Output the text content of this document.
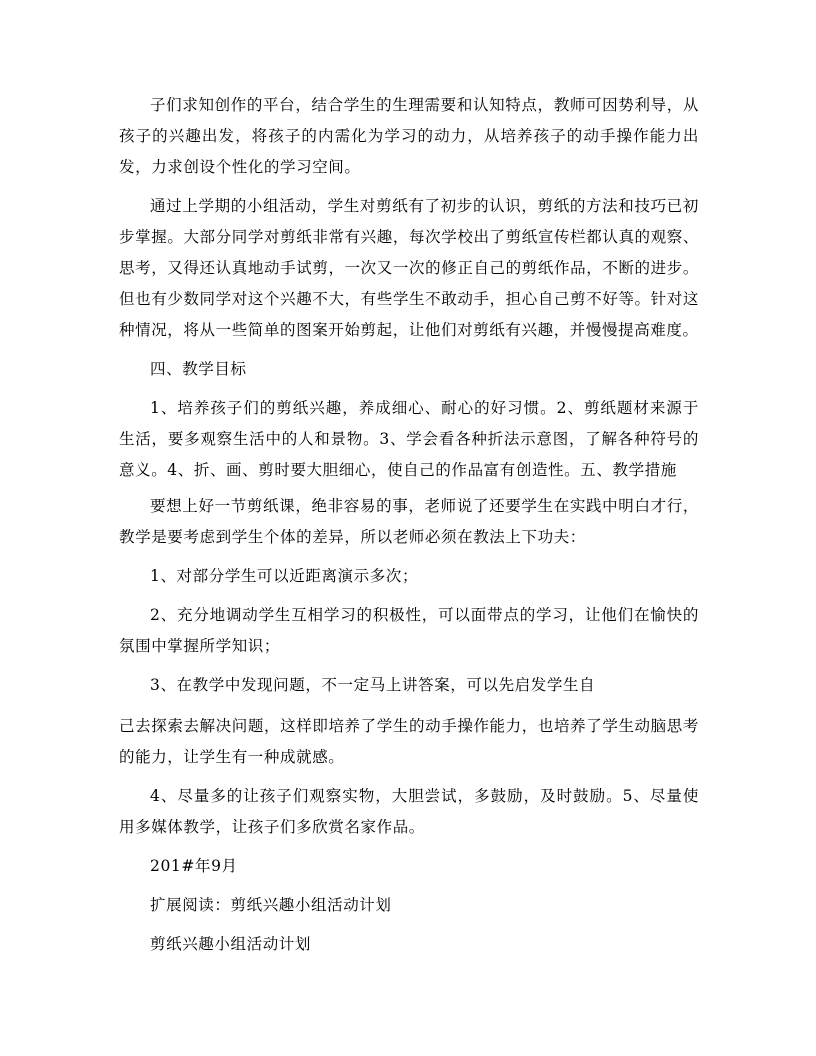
子们求知创作的平台，结合学生的生理需要和认知特点，教师可因势利导，从孩子的兴趣出发，将孩子的内需化为学习的动力，从培养孩子的动手操作能力出发，力求创设个性化的学习空间。

通过上学期的小组活动，学生对剪纸有了初步的认识，剪纸的方法和技巧已初步掌握。大部分同学对剪纸非常有兴趣，每次学校出了剪纸宣传栏都认真的观察、思考，又得还认真地动手试剪，一次又一次的修正自己的剪纸作品，不断的进步。但也有少数同学对这个兴趣不大，有些学生不敢动手，担心自己剪不好等。针对这种情况，将从一些简单的图案开始剪起，让他们对剪纸有兴趣，并慢慢提高难度。

四、教学目标

1、培养孩子们的剪纸兴趣，养成细心、耐心的好习惯。2、剪纸题材来源于生活，要多观察生活中的人和景物。3、学会看各种折法示意图，了解各种符号的意义。4、折、画、剪时要大胆细心，使自己的作品富有创造性。五、教学措施

要想上好一节剪纸课，绝非容易的事，老师说了还要学生在实践中明白才行，教学是要考虑到学生个体的差异，所以老师必须在教法上下功夫：

1、对部分学生可以近距离演示多次；

2、充分地调动学生互相学习的积极性，可以面带点的学习，让他们在愉快的氛围中掌握所学知识；

3、在教学中发现问题，不一定马上讲答案，可以先启发学生自

己去探索去解决问题，这样即培养了学生的动手操作能力，也培养了学生动脑思考的能力，让学生有一种成就感。

4、尽量多的让孩子们观察实物，大胆尝试，多鼓励，及时鼓励。5、尽量使用多媒体教学，让孩子们多欣赏名家作品。

201#年9月

扩展阅读：剪纸兴趣小组活动计划

剪纸兴趣小组活动计划
